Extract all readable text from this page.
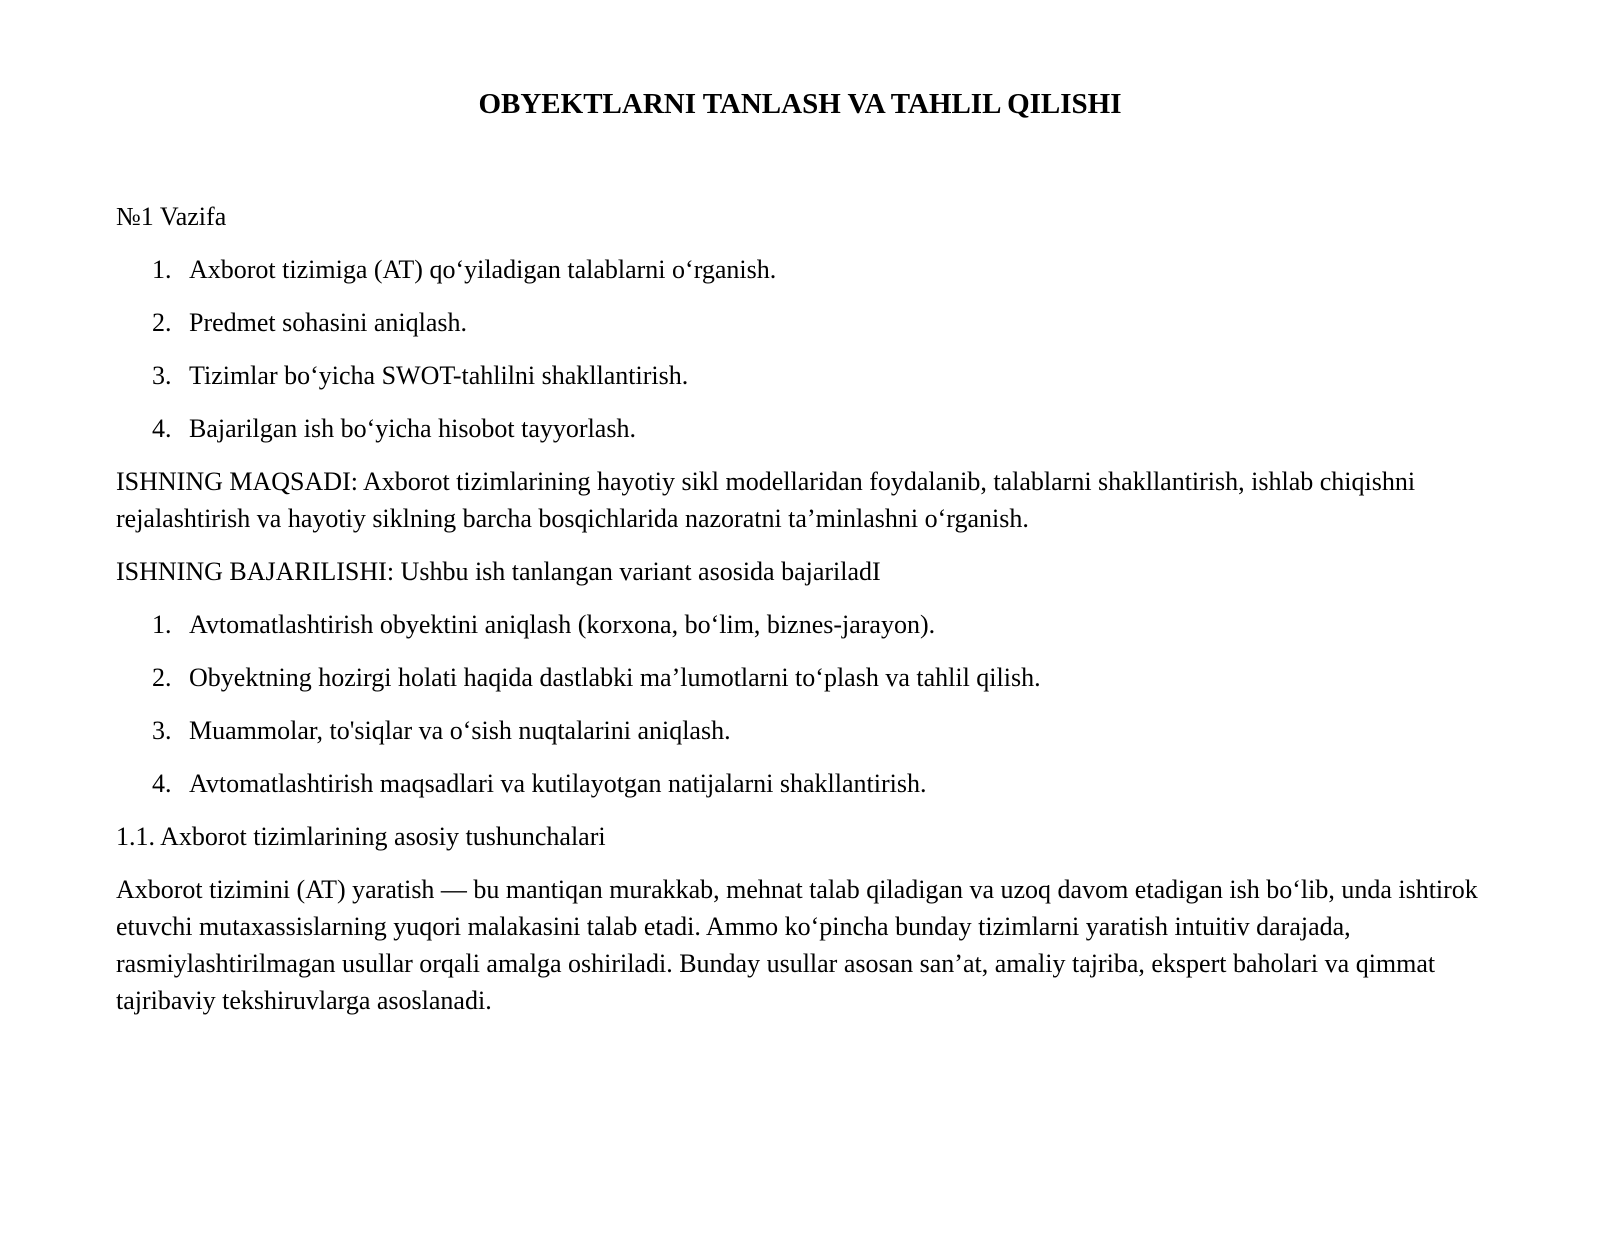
OBYEKTLARNI TANLASH VA TAHLIL QILISHI

№1 Vazifa

1. Axborot tizimiga (AT) qo‘yiladigan talablarni o‘rganish.
2. Predmet sohasini aniqlash.
3. Tizimlar bo‘yicha SWOT-tahlilni shakllantirish.
4. Bajarilgan ish bo‘yicha hisobot tayyorlash.

ISHNING MAQSADI: Axborot tizimlarining hayotiy sikl modellaridan foydalanib, talablarni shakllantirish, ishlab chiqishni rejalashtirish va hayotiy siklning barcha bosqichlarida nazoratni ta’minlashni o‘rganish.

ISHNING BAJARILISHI: Ushbu ish tanlangan variant asosida bajariladI

1. Avtomatlashtirish obyektini aniqlash (korxona, bo‘lim, biznes-jarayon).
2. Obyektning hozirgi holati haqida dastlabki ma’lumotlarni to‘plash va tahlil qilish.
3. Muammolar, to'siqlar va o‘sish nuqtalarini aniqlash.
4. Avtomatlashtirish maqsadlari va kutilayotgan natijalarni shakllantirish.

1.1. Axborot tizimlarining asosiy tushunchalari

Axborot tizimini (AT) yaratish — bu mantiqan murakkab, mehnat talab qiladigan va uzoq davom etadigan ish bo‘lib, unda ishtirok etuvchi mutaxassislarning yuqori malakasini talab etadi. Ammo ko‘pincha bunday tizimlarni yaratish intuitiv darajada, rasmiylashtirilmagan usullar orqali amalga oshiriladi. Bunday usullar asosan san’at, amaliy tajriba, ekspert baholari va qimmat tajribaviy tekshiruvlarga asoslanadi.
